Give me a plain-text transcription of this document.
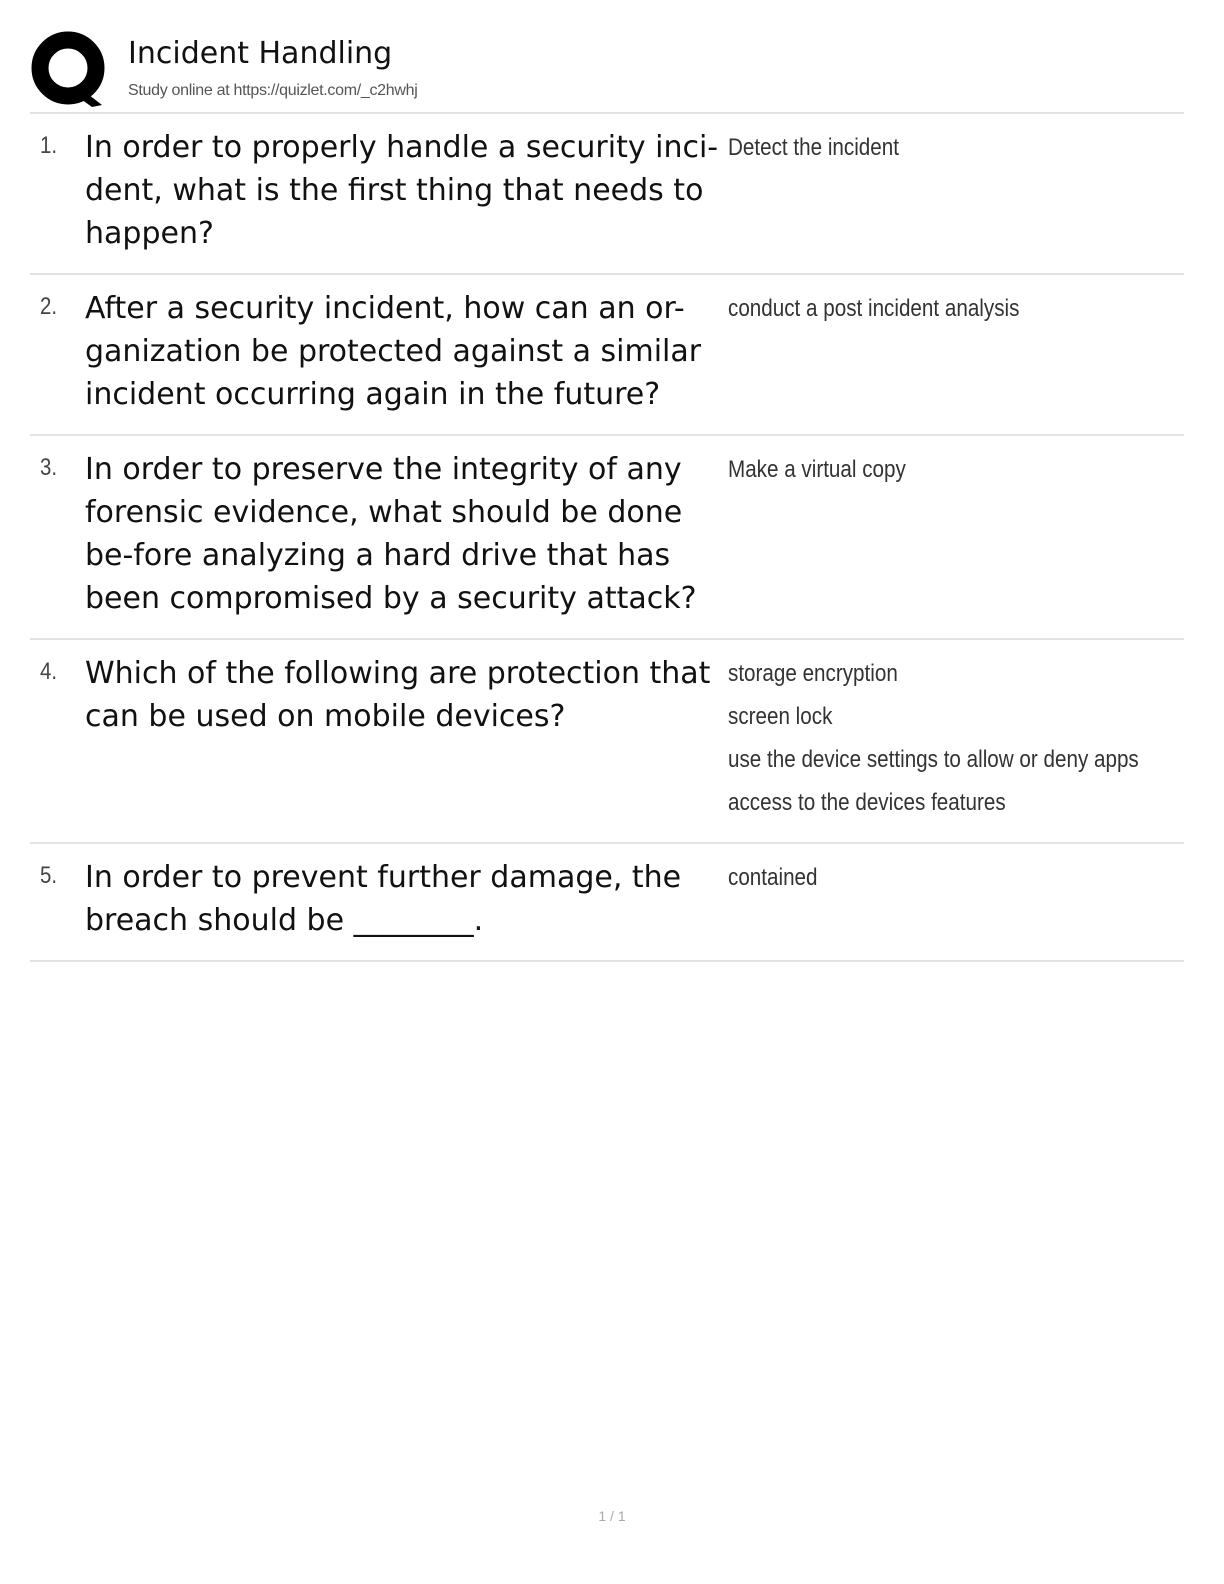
Incident Handling
Study online at https://quizlet.com/_c2hwhj
1. In order to properly handle a security inci-dent, what is the first thing that needs to happen?
Detect the incident
2. After a security incident, how can an or-ganization be protected against a similar incident occurring again in the future?
conduct a post incident analysis
3. In order to preserve the integrity of any forensic evidence, what should be done be-fore analyzing a hard drive that has been compromised by a security attack?
Make a virtual copy
4. Which of the following are protection that can be used on mobile devices?
storage encryption
screen lock
use the device settings to allow or deny apps
access to the devices features
5. In order to prevent further damage, the breach should be ________.
contained
1 / 1
